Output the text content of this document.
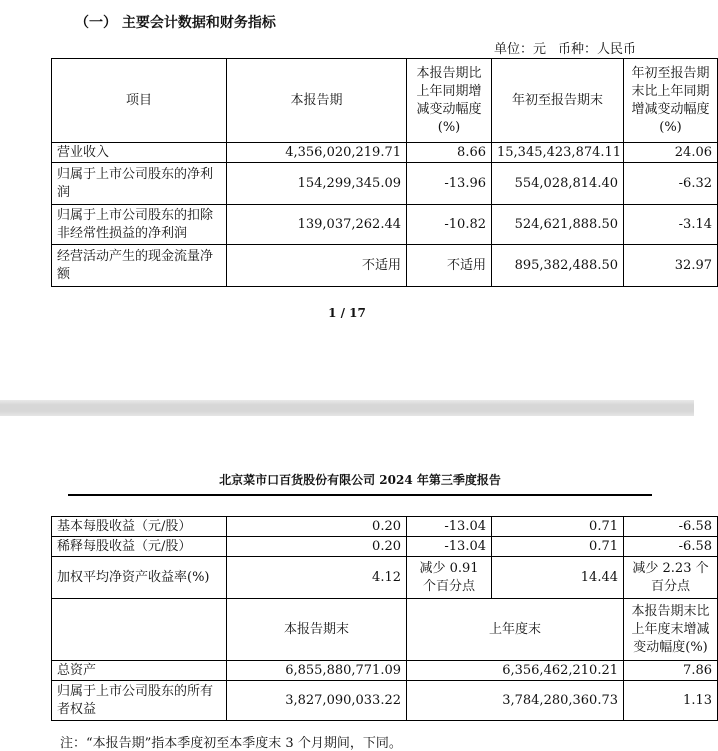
（一） 主要会计数据和财务指标
单位：元 币种：人民币
项目	本报告期	本报告期比上年同期增减变动幅度(%)	年初至报告期末	年初至报告期末比上年同期增减变动幅度(%)
营业收入	4,356,020,219.71	8.66	15,345,423,874.11	24.06
归属于上市公司股东的净利润	154,299,345.09	-13.96	554,028,814.40	-6.32
归属于上市公司股东的扣除非经常性损益的净利润	139,037,262.44	-10.82	524,621,888.50	-3.14
经营活动产生的现金流量净额	不适用	不适用	895,382,488.50	32.97
1 / 17
北京菜市口百货股份有限公司 2024 年第三季度报告
基本每股收益（元/股）	0.20	-13.04	0.71	-6.58
稀释每股收益（元/股）	0.20	-13.04	0.71	-6.58
加权平均净资产收益率(%)	4.12	减少 0.91 个百分点	14.44	减少 2.23 个百分点
	本报告期末	上年度末		本报告期末比上年度末增减变动幅度(%)
总资产	6,855,880,771.09	6,356,462,210.21		7.86
归属于上市公司股东的所有者权益	3,827,090,033.22	3,784,280,360.73		1.13
注：“本报告期”指本季度初至本季度末 3 个月期间，下同。
